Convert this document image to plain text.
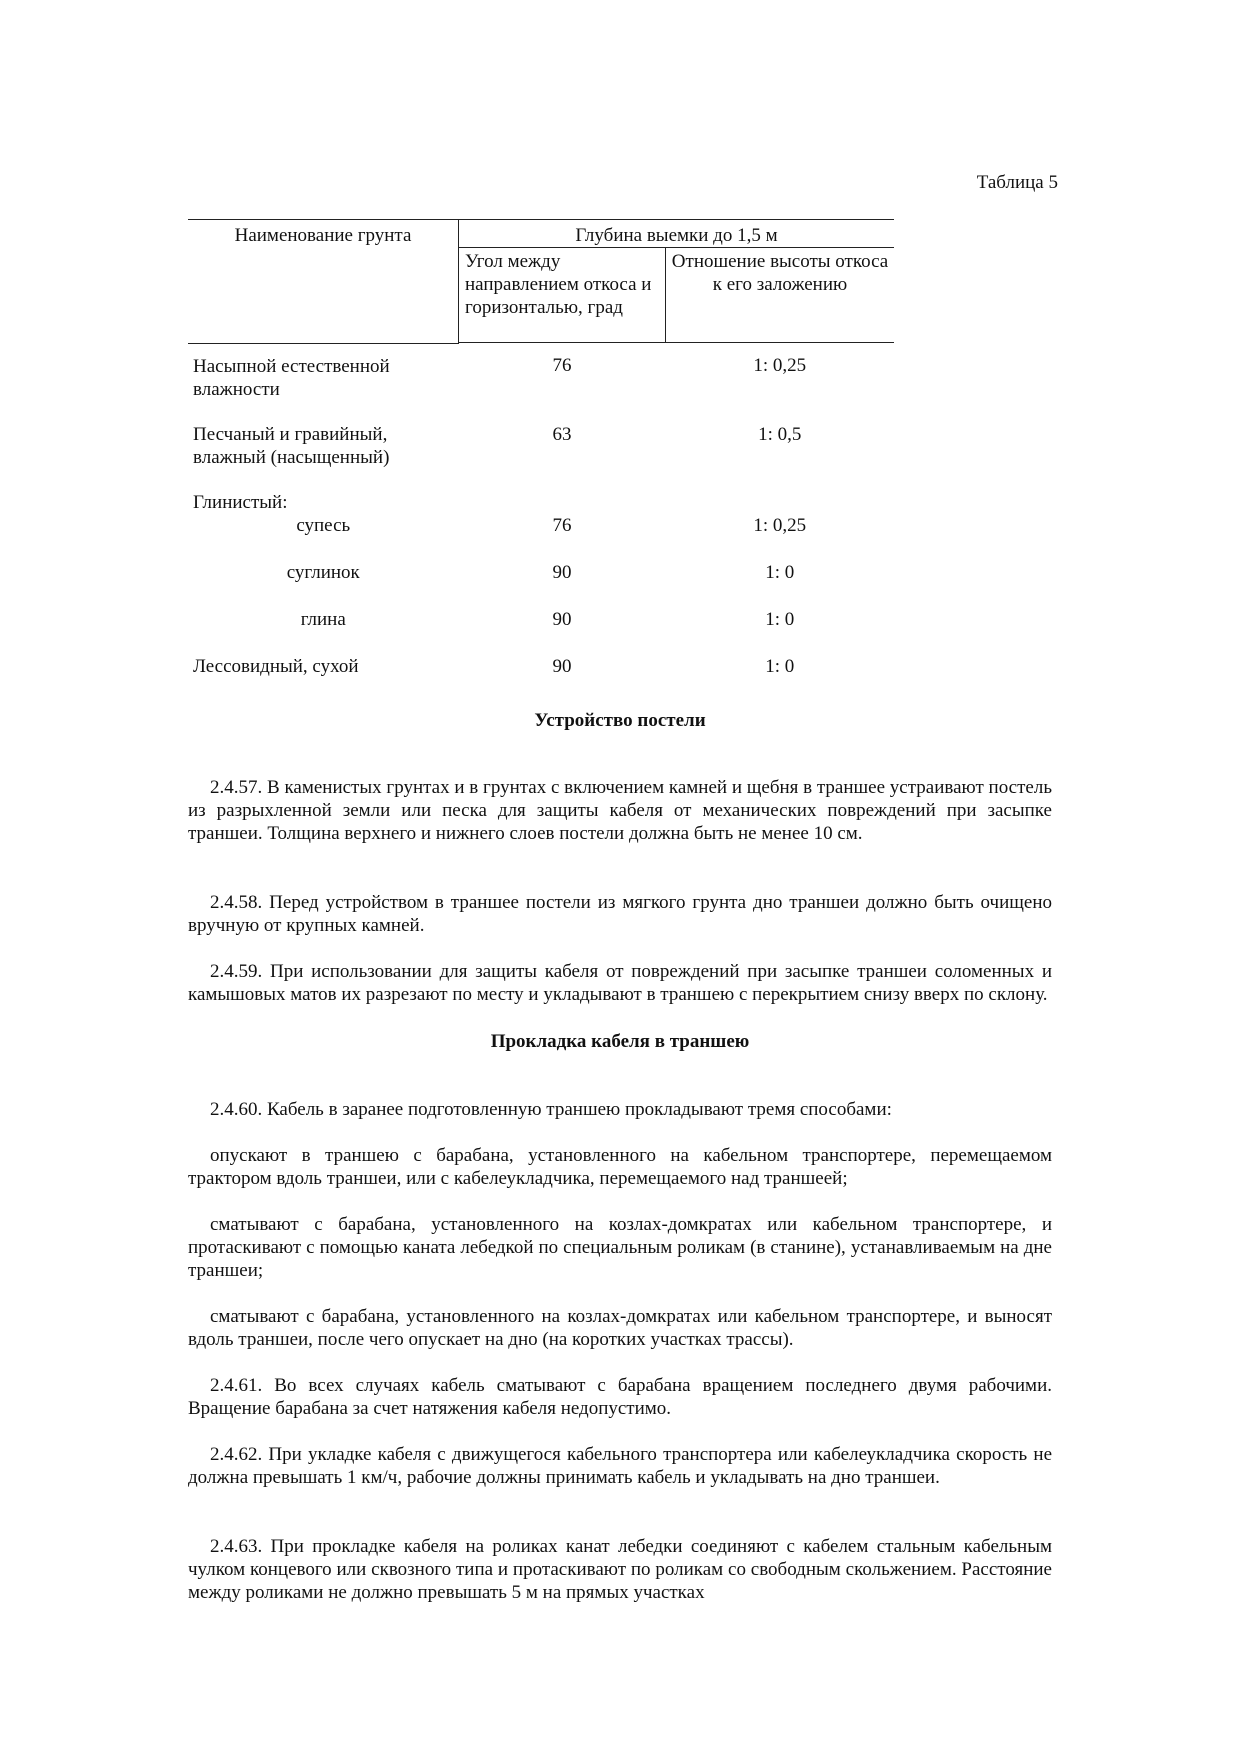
Таблица 5
Наименование грунта	Глубина выемки до 1,5 м	
	Угол между направлением откоса и горизонталью, град	Отношение высоты откоса к его заложению

Насыпной естественной влажности	76	1: 0,25
Песчаный и гравийный, влажный (насыщенный)	63	1: 0,5
Глинистый:		
супесь	76	1: 0,25
суглинок	90	1: 0
глина	90	1: 0
Лессовидный, сухой	90	1: 0
Устройство постели

2.4.57. В каменистых грунтах и в грунтах с включением камней и щебня в траншее устраивают постель из разрыхленной земли или песка для защиты кабеля от механических повреждений при засыпке траншеи. Толщина верхнего и нижнего слоев постели должна быть не менее 10 см.

2.4.58. Перед устройством в траншее постели из мягкого грунта дно траншеи должно быть очищено вручную от крупных камней.

2.4.59. При использовании для защиты кабеля от повреждений при засыпке траншеи соломенных и камышовых матов их разрезают по месту и укладывают в траншею с перекрытием снизу вверх по склону.

Прокладка кабеля в траншею

2.4.60. Кабель в заранее подготовленную траншею прокладывают тремя способами:

опускают в траншею с барабана, установленного на кабельном транспортере, перемещаемом трактором вдоль траншеи, или с кабелеукладчика, перемещаемого над траншеей;

сматывают с барабана, установленного на козлах-домкратах или кабельном транспортере, и протаскивают с помощью каната лебедкой по специальным роликам (в станине), устанавливаемым на дне траншеи;

сматывают с барабана, установленного на козлах-домкратах или кабельном транспортере, и выносят вдоль траншеи, после чего опускает на дно (на коротких участках трассы).

2.4.61. Во всех случаях кабель сматывают с барабана вращением последнего двумя рабочими. Вращение барабана за счет натяжения кабеля недопустимо.

2.4.62. При укладке кабеля с движущегося кабельного транспортера или кабелеукладчика скорость не должна превышать 1 км/ч, рабочие должны принимать кабель и укладывать на дно траншеи.

2.4.63. При прокладке кабеля на роликах канат лебедки соединяют с кабелем стальным кабельным чулком концевого или сквозного типа и протаскивают по роликам со свободным скольжением. Расстояние между роликами не должно превышать 5 м на прямых участках
